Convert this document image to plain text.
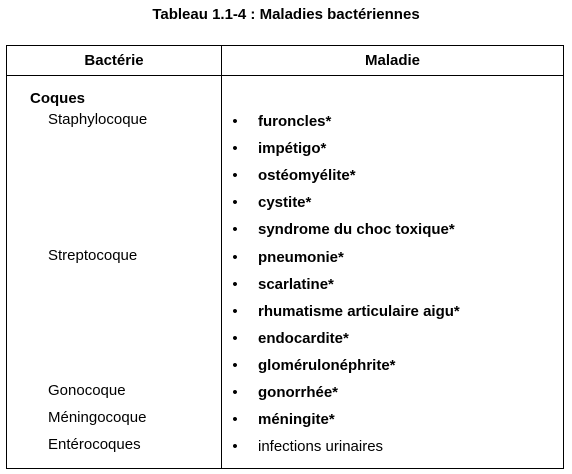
Tableau 1.1-4 : Maladies bactériennes
Bactérie	Maladie
Coques
• furoncles*
• impétigo*
• ostéomyélite*
• cystite*
• syndrome du choc toxique*
• pneumonie*
• scarlatine*
• rhumatisme articulaire aigu*
• endocardite*
• glomérulonéphrite*
• gonorrhée*
• méningite*
• infections urinaires
Staphylocoque
Streptocoque
Gonocoque
Méningocoque
Entérocoques
